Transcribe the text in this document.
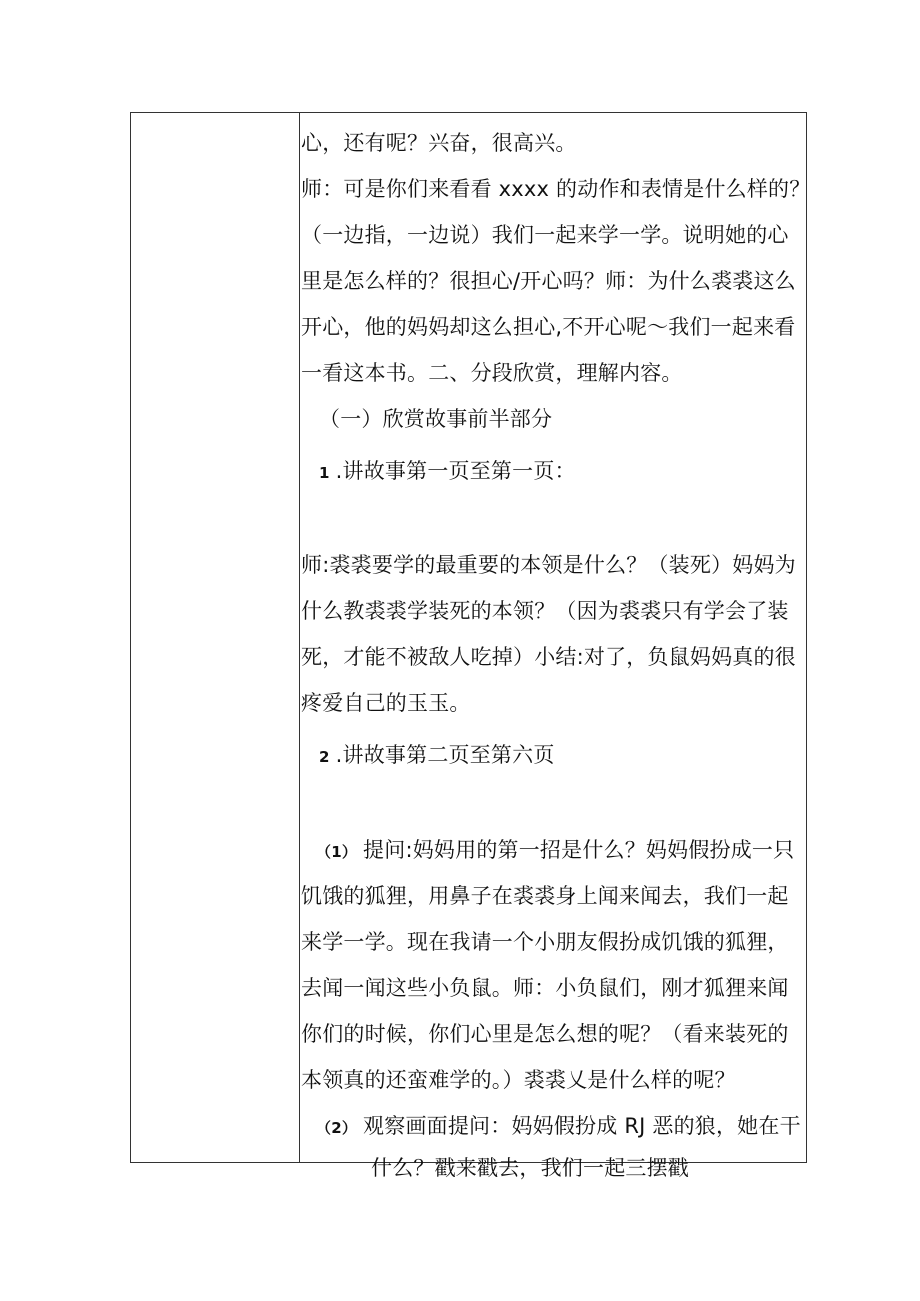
心，还有呢？兴奋，很高兴。
师：可是你们来看看 xxxx 的动作和表情是什么样的？
（一边指，一边说）我们一起来学一学。说明她的心
里是怎么样的？很担心/开心吗？师：为什么裘裘这么
开心，他的妈妈却这么担心,不开心呢〜我们一起来看
一看这本书。二、分段欣赏，理解内容。
（一）欣赏故事前半部分
1 .讲故事第一页至第一页：
师:裘裘要学的最重要的本领是什么？（装死）妈妈为
什么教裘裘学装死的本领？（因为裘裘只有学会了装
死，才能不被敌人吃掉）小结:对了，负鼠妈妈真的很
疼爱自己的玉玉。
2 .讲故事第二页至第六页
（1） 提问:妈妈用的第一招是什么？妈妈假扮成一只
饥饿的狐狸，用鼻子在裘裘身上闻来闻去，我们一起
来学一学。现在我请一个小朋友假扮成饥饿的狐狸，
去闻一闻这些小负鼠。师：小负鼠们，刚才狐狸来闻
你们的时候，你们心里是怎么想的呢？（看来装死的
本领真的还蛮难学的。）裘裘乂是什么样的呢？
（2） 观察画面提问：妈妈假扮成 RJ 恶的狼，她在干
什么？戳来戳去，我们一起三摆戳
